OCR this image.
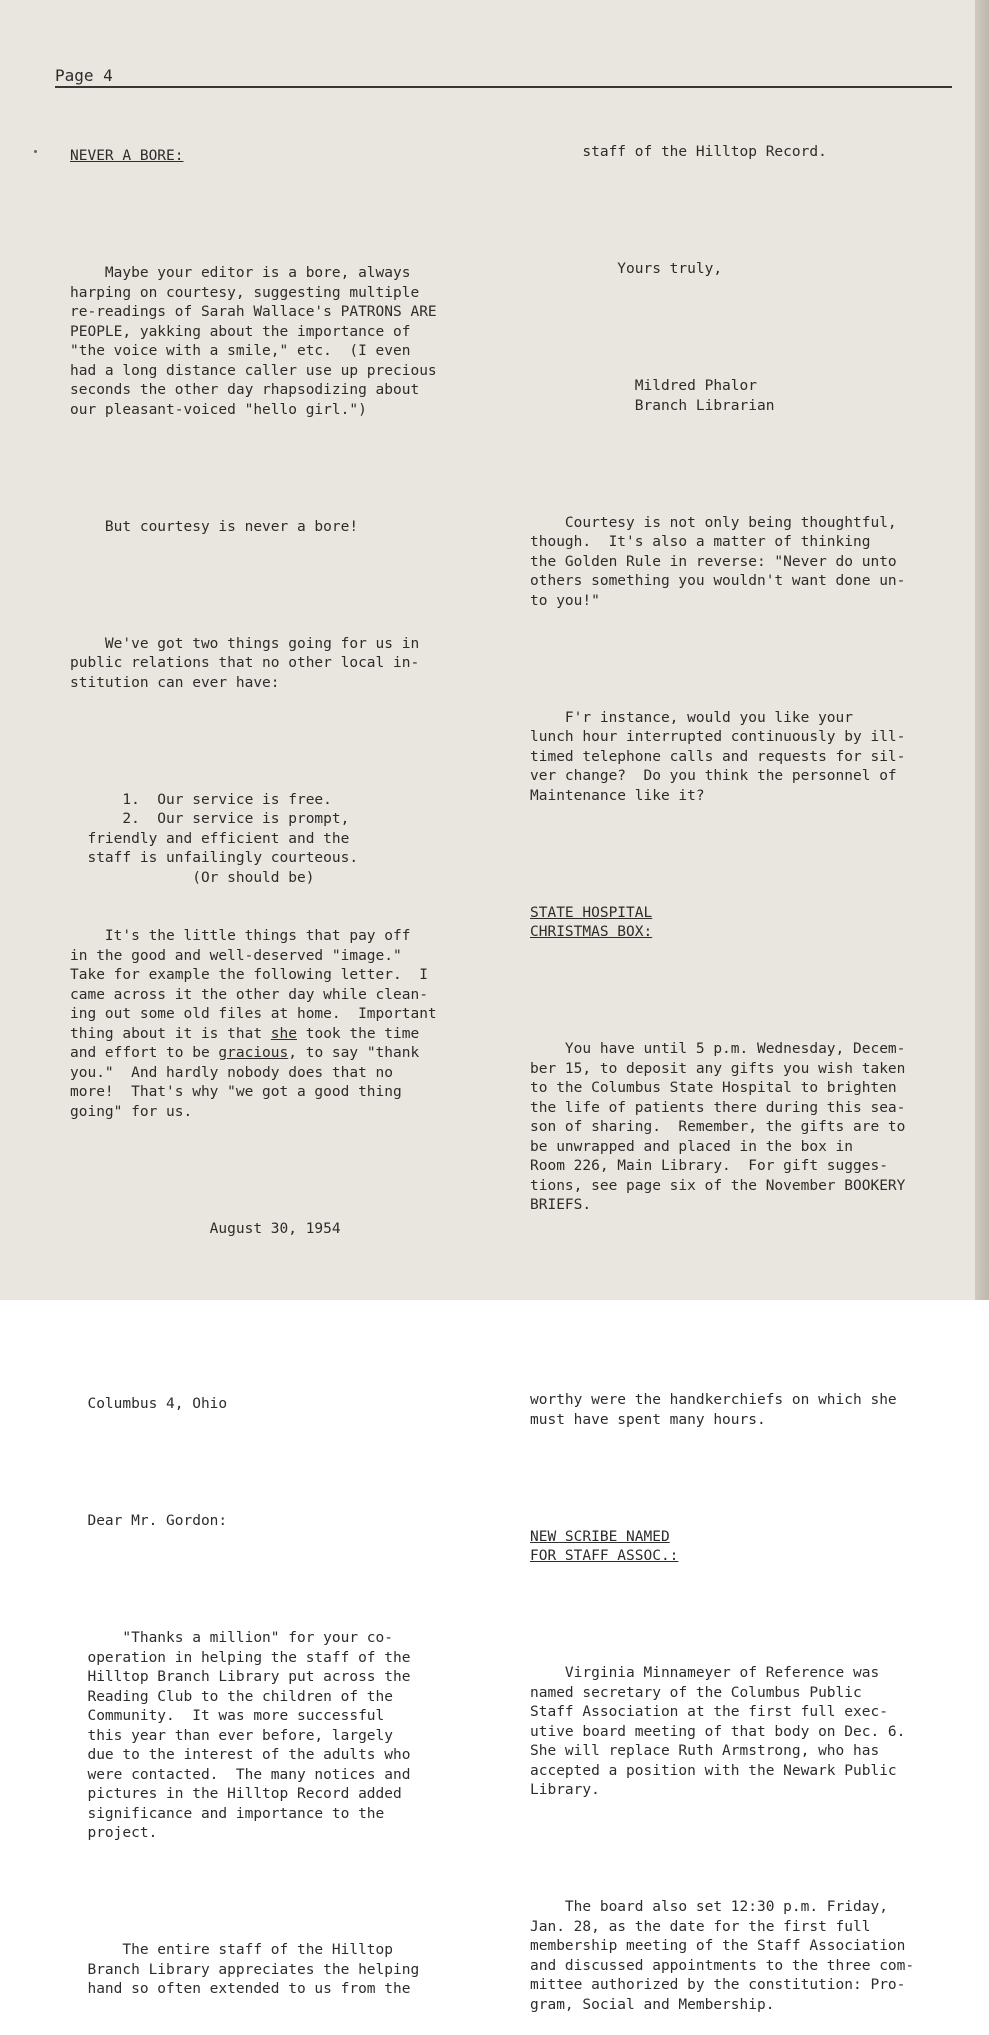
Page 4

NEVER A BORE:

Maybe your editor is a bore, always
harping on courtesy, suggesting multiple
re-readings of Sarah Wallace's PATRONS ARE
PEOPLE, yakking about the importance of
"the voice with a smile," etc.  (I even
had a long distance caller use up precious
seconds the other day rhapsodizing about
our pleasant-voiced "hello girl.")

But courtesy is never a bore!

We've got two things going for us in
public relations that no other local in-
stitution can ever have:

1.  Our service is free.
2.  Our service is prompt,
friendly and efficient and the
staff is unfailingly courteous.
(Or should be)

It's the little things that pay off
in the good and well-deserved "image."
Take for example the following letter.  I
came across it the other day while clean-
ing out some old files at home.  Important
thing about it is that she took the time
and effort to be gracious, to say "thank
you."  And hardly nobody does that no
more!  That's why "we got a good thing
going" for us.

August 30, 1954

Columbus 4, Ohio

Dear Mr. Gordon:

"Thanks a million" for your co-
operation in helping the staff of the
Hilltop Branch Library put across the
Reading Club to the children of the
Community.  It was more successful
this year than ever before, largely
due to the interest of the adults who
were contacted.  The many notices and
pictures in the Hilltop Record added
significance and importance to the
project.

The entire staff of the Hilltop
Branch Library appreciates the helping
hand so often extended to us from the

staff of the Hilltop Record.

Yours truly,

Mildred Phalor
Branch Librarian

Courtesy is not only being thoughtful,
though.  It's also a matter of thinking
the Golden Rule in reverse: "Never do unto
others something you wouldn't want done un-
to you!"

F'r instance, would you like your
lunch hour interrupted continuously by ill-
timed telephone calls and requests for sil-
ver change?  Do you think the personnel of
Maintenance like it?

STATE HOSPITAL
CHRISTMAS BOX:

You have until 5 p.m. Wednesday, Decem-
ber 15, to deposit any gifts you wish taken
to the Columbus State Hospital to brighten
the life of patients there during this sea-
son of sharing.  Remember, the gifts are to
be unwrapped and placed in the box in
Room 226, Main Library.  For gift sugges-
tions, see page six of the November BOOKERY
BRIEFS.

worthy were the handkerchiefs on which she
must have spent many hours.

NEW SCRIBE NAMED
FOR STAFF ASSOC.:

Virginia Minnameyer of Reference was
named secretary of the Columbus Public
Staff Association at the first full exec-
utive board meeting of that body on Dec. 6.
She will replace Ruth Armstrong, who has
accepted a position with the Newark Public
Library.

The board also set 12:30 p.m. Friday,
Jan. 28, as the date for the first full
membership meeting of the Staff Association
and discussed appointments to the three com-
mittee authorized by the constitution: Pro-
gram, Social and Membership.
